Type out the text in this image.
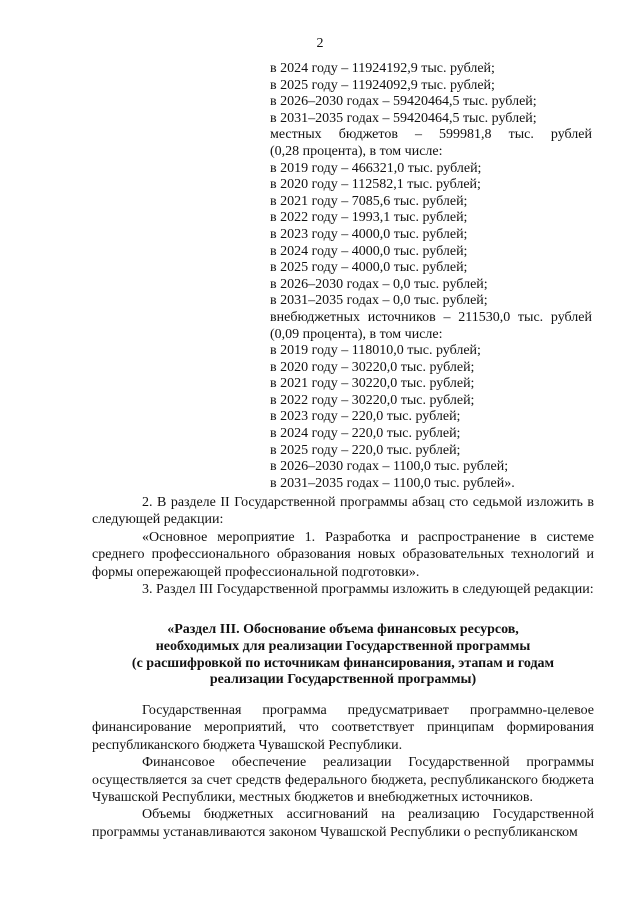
2
в 2024 году – 11924192,9 тыс. рублей;
в 2025 году – 11924092,9 тыс. рублей;
в 2026–2030 годах – 59420464,5 тыс. рублей;
в 2031–2035 годах – 59420464,5 тыс. рублей;
местных бюджетов – 599981,8 тыс. рублей
(0,28 процента), в том числе:
в 2019 году – 466321,0 тыс. рублей;
в 2020 году – 112582,1 тыс. рублей;
в 2021 году – 7085,6 тыс. рублей;
в 2022 году – 1993,1 тыс. рублей;
в 2023 году – 4000,0 тыс. рублей;
в 2024 году – 4000,0 тыс. рублей;
в 2025 году – 4000,0 тыс. рублей;
в 2026–2030 годах – 0,0 тыс. рублей;
в 2031–2035 годах – 0,0 тыс. рублей;
внебюджетных источников – 211530,0 тыс. рублей (0,09 процента), в том числе:
в 2019 году – 118010,0 тыс. рублей;
в 2020 году – 30220,0 тыс. рублей;
в 2021 году – 30220,0 тыс. рублей;
в 2022 году – 30220,0 тыс. рублей;
в 2023 году – 220,0 тыс. рублей;
в 2024 году – 220,0 тыс. рублей;
в 2025 году – 220,0 тыс. рублей;
в 2026–2030 годах – 1100,0 тыс. рублей;
в 2031–2035 годах – 1100,0 тыс. рублей».

2. В разделе II Государственной программы абзац сто седьмой изложить в следующей редакции:

«Основное мероприятие 1. Разработка и распространение в системе среднего профессионального образования новых образовательных технологий и формы опережающей профессиональной подготовки».

3. Раздел III Государственной программы изложить в следующей редакции:

«Раздел III. Обоснование объема финансовых ресурсов,
необходимых для реализации Государственной программы
(с расшифровкой по источникам финансирования, этапам и годам
реализации Государственной программы)

Государственная программа предусматривает программно-целевое финансирование мероприятий, что соответствует принципам формирования республиканского бюджета Чувашской Республики.

Финансовое обеспечение реализации Государственной программы осуществляется за счет средств федерального бюджета, республиканского бюджета Чувашской Республики, местных бюджетов и внебюджетных источников.

Объемы бюджетных ассигнований на реализацию Государственной программы устанавливаются законом Чувашской Республики о республиканском
